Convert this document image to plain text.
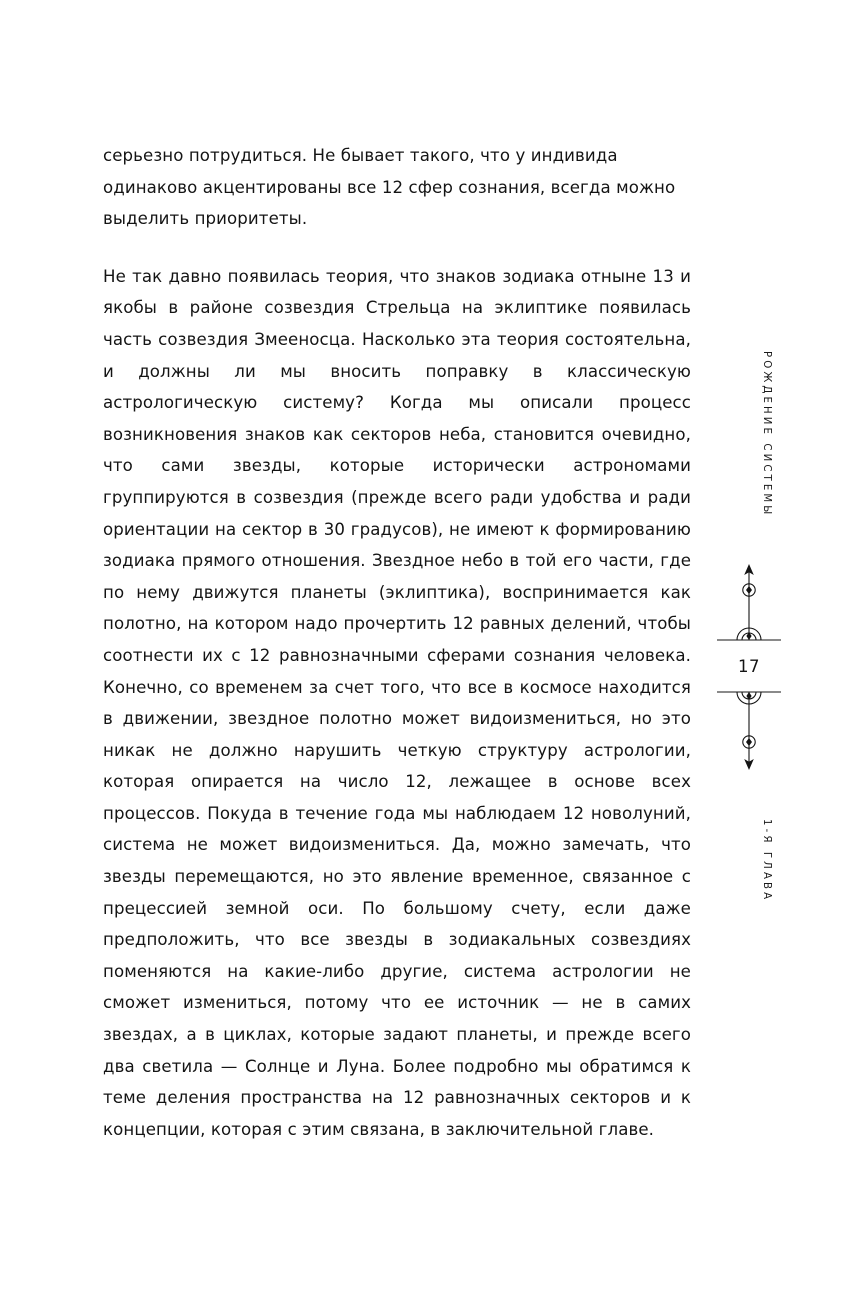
серьезно потрудиться. Не бывает такого, что у индивида одинаково акцентированы все 12 сфер сознания, всегда можно выделить приоритеты.

Не так давно появилась теория, что знаков зодиака отныне 13 и якобы в районе созвездия Стрельца на эклиптике появилась часть созвездия Змееносца. Насколько эта теория состоятельна, и должны ли мы вносить поправку в классическую астрологическую систему? Когда мы описали процесс возникновения знаков как секторов неба, становится очевидно, что сами звезды, которые исторически астрономами группируются в созвездия (прежде всего ради удобства и ради ориентации на сектор в 30 градусов), не имеют к формированию зодиака прямого отношения. Звездное небо в той его части, где по нему движутся планеты (эклиптика), воспринимается как полотно, на котором надо прочертить 12 равных делений, чтобы соотнести их с 12 равнозначными сферами сознания человека. Конечно, со временем за счет того, что все в космосе находится в движении, звездное полотно может видоизмениться, но это никак не должно нарушить четкую структуру астрологии, которая опирается на число 12, лежащее в основе всех процессов. Покуда в течение года мы наблюдаем 12 новолуний, система не может видоизмениться. Да, можно замечать, что звезды перемещаются, но это явление временное, связанное с прецессией земной оси. По большому счету, если даже предположить, что все звезды в зодиакальных созвездиях поменяются на какие-либо другие, система астрологии не сможет измениться, потому что ее источник — не в самих звездах, а в циклах, которые задают планеты, и прежде всего два светила — Солнце и Луна. Более подробно мы обратимся к теме деления пространства на 12 равнозначных секторов и к концепции, которая с этим связана, в заключительной главе.

РОЖДЕНИЕ СИСТЕМЫ
1-Я ГЛАВА
17
